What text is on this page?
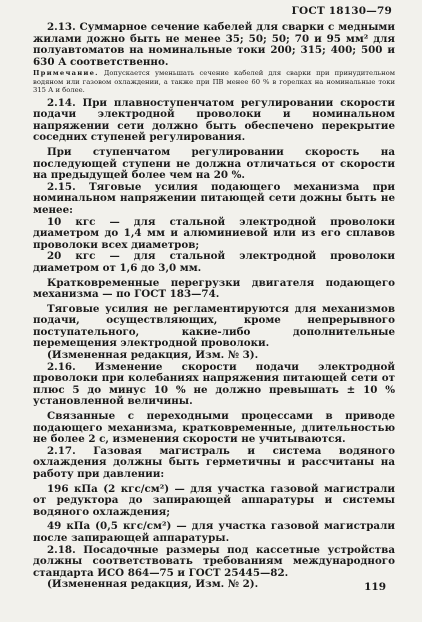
ГОСТ 18130—79

2.13. Суммарное сечение кабелей для сварки с медными жилами дожно быть не менее 35; 50; 50; 70 и 95 мм² для полуавтоматов на номинальные токи 200; 315; 400; 500 и 630 А соответственно.

Примечание. Допускается уменьшать сечение кабелей для сварки при принудительном водяном или газовом охлаждении, а также при ПВ менее 60 % в горелках на номинальные токи 315 А и более.

2.14. При плавноступенчатом регулировании скорости подачи электродной проволоки и номинальном напряжении сети должно быть обеспечено перекрытие соседних ступеней регулирования.

При ступенчатом регулировании скорость на последующей ступени не должна отличаться от скорости на предыдущей более чем на 20 %.

2.15. Тяговые усилия подающего механизма при номинальном напряжении питающей сети дожны быть не менее:

10 кгс — для стальной электродной проволоки диаметром до 1,4 мм и алюминиевой или из его сплавов проволоки всех диаметров;

20 кгс — для стальной электродной проволоки диаметром от 1,6 до 3,0 мм.

Кратковременные перегрузки двигателя подающего механизма — по ГОСТ 183—74.

Тяговые усилия не регламентируются для механизмов подачи, осуществляющих, кроме непрерывного поступательного, какие-либо дополнительные перемещения электродной проволоки.

(Измененная редакция, Изм. № 3).

2.16. Изменение скорости подачи электродной проволоки при колебаниях напряжения питающей сети от плюс 5 до минус 10 % не должно превышать ± 10 % установленной величины.

Связанные с переходными процессами в приводе подающего механизма, кратковременные, длительностью не более 2 с, изменения скорости не учитываются.

2.17. Газовая магистраль и система водяного охлаждения должны быть герметичны и рассчитаны на работу при давлении:

196 кПа (2 кгс/см²) — для участка газовой магистрали от редуктора до запирающей аппаратуры и системы водяного охлаждения;

49 кПа (0,5 кгс/см²) — для участка газовой магистрали после запирающей аппаратуры.

2.18. Посадочные размеры под кассетные устройства должны соответствовать требованиям международного стандарта ИСО 864—75 и ГОСТ 25445—82.

(Измененная редакция, Изм. № 2).	119
